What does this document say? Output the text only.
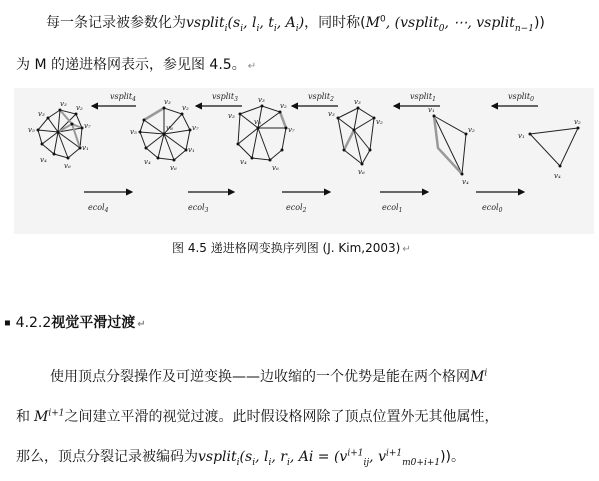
每一条记录被参数化为$vsplit_i(s_i$, $l_i$, $t_i$, $A_i$)，同时称($M^0$, (vsplit$_0$, ⋯, vsplit$_{n-1}$))
为 M 的递进格网表示，参见图 4.5。 ↵
vsplit$_4$	vsplit$_3$	vsplit$_2$	vsplit$_1$	vsplit$_0$
ecol$_4$	ecol$_3$	ecol$_2$	ecol$_1$	ecol$_0$
v₃ v₂
v₇
v₁
v₆
v₄
v₅
v₃
v₃
v₂
v₇
v₁
v₆
v₄
v₅	v₈
v₃
v₂
v₇
v₆
v₄
v₃
v₈
v₃
v₂
v₆
v₃	v₁
v₂
v₄
v₁
v₂
v₄
图 4.5 递进格网变换序列图 (J. Kim,2003) ↵
▪ 4.2.2视觉平滑过渡 ↵
使用顶点分裂操作及可逆变换——边收缩的一个优势是能在两个格网$M^i$
和 $M^{i+1}$之间建立平滑的视觉过渡。此时假设格网除了顶点位置外无其他属性，
那么，顶点分裂记录被编码为$vsplit_i(s_i$, $l_i$, $r_i$, $Ai = (v^{i+1}_{ij}$, $v^{i+1}_{m0+i+1}$))。
